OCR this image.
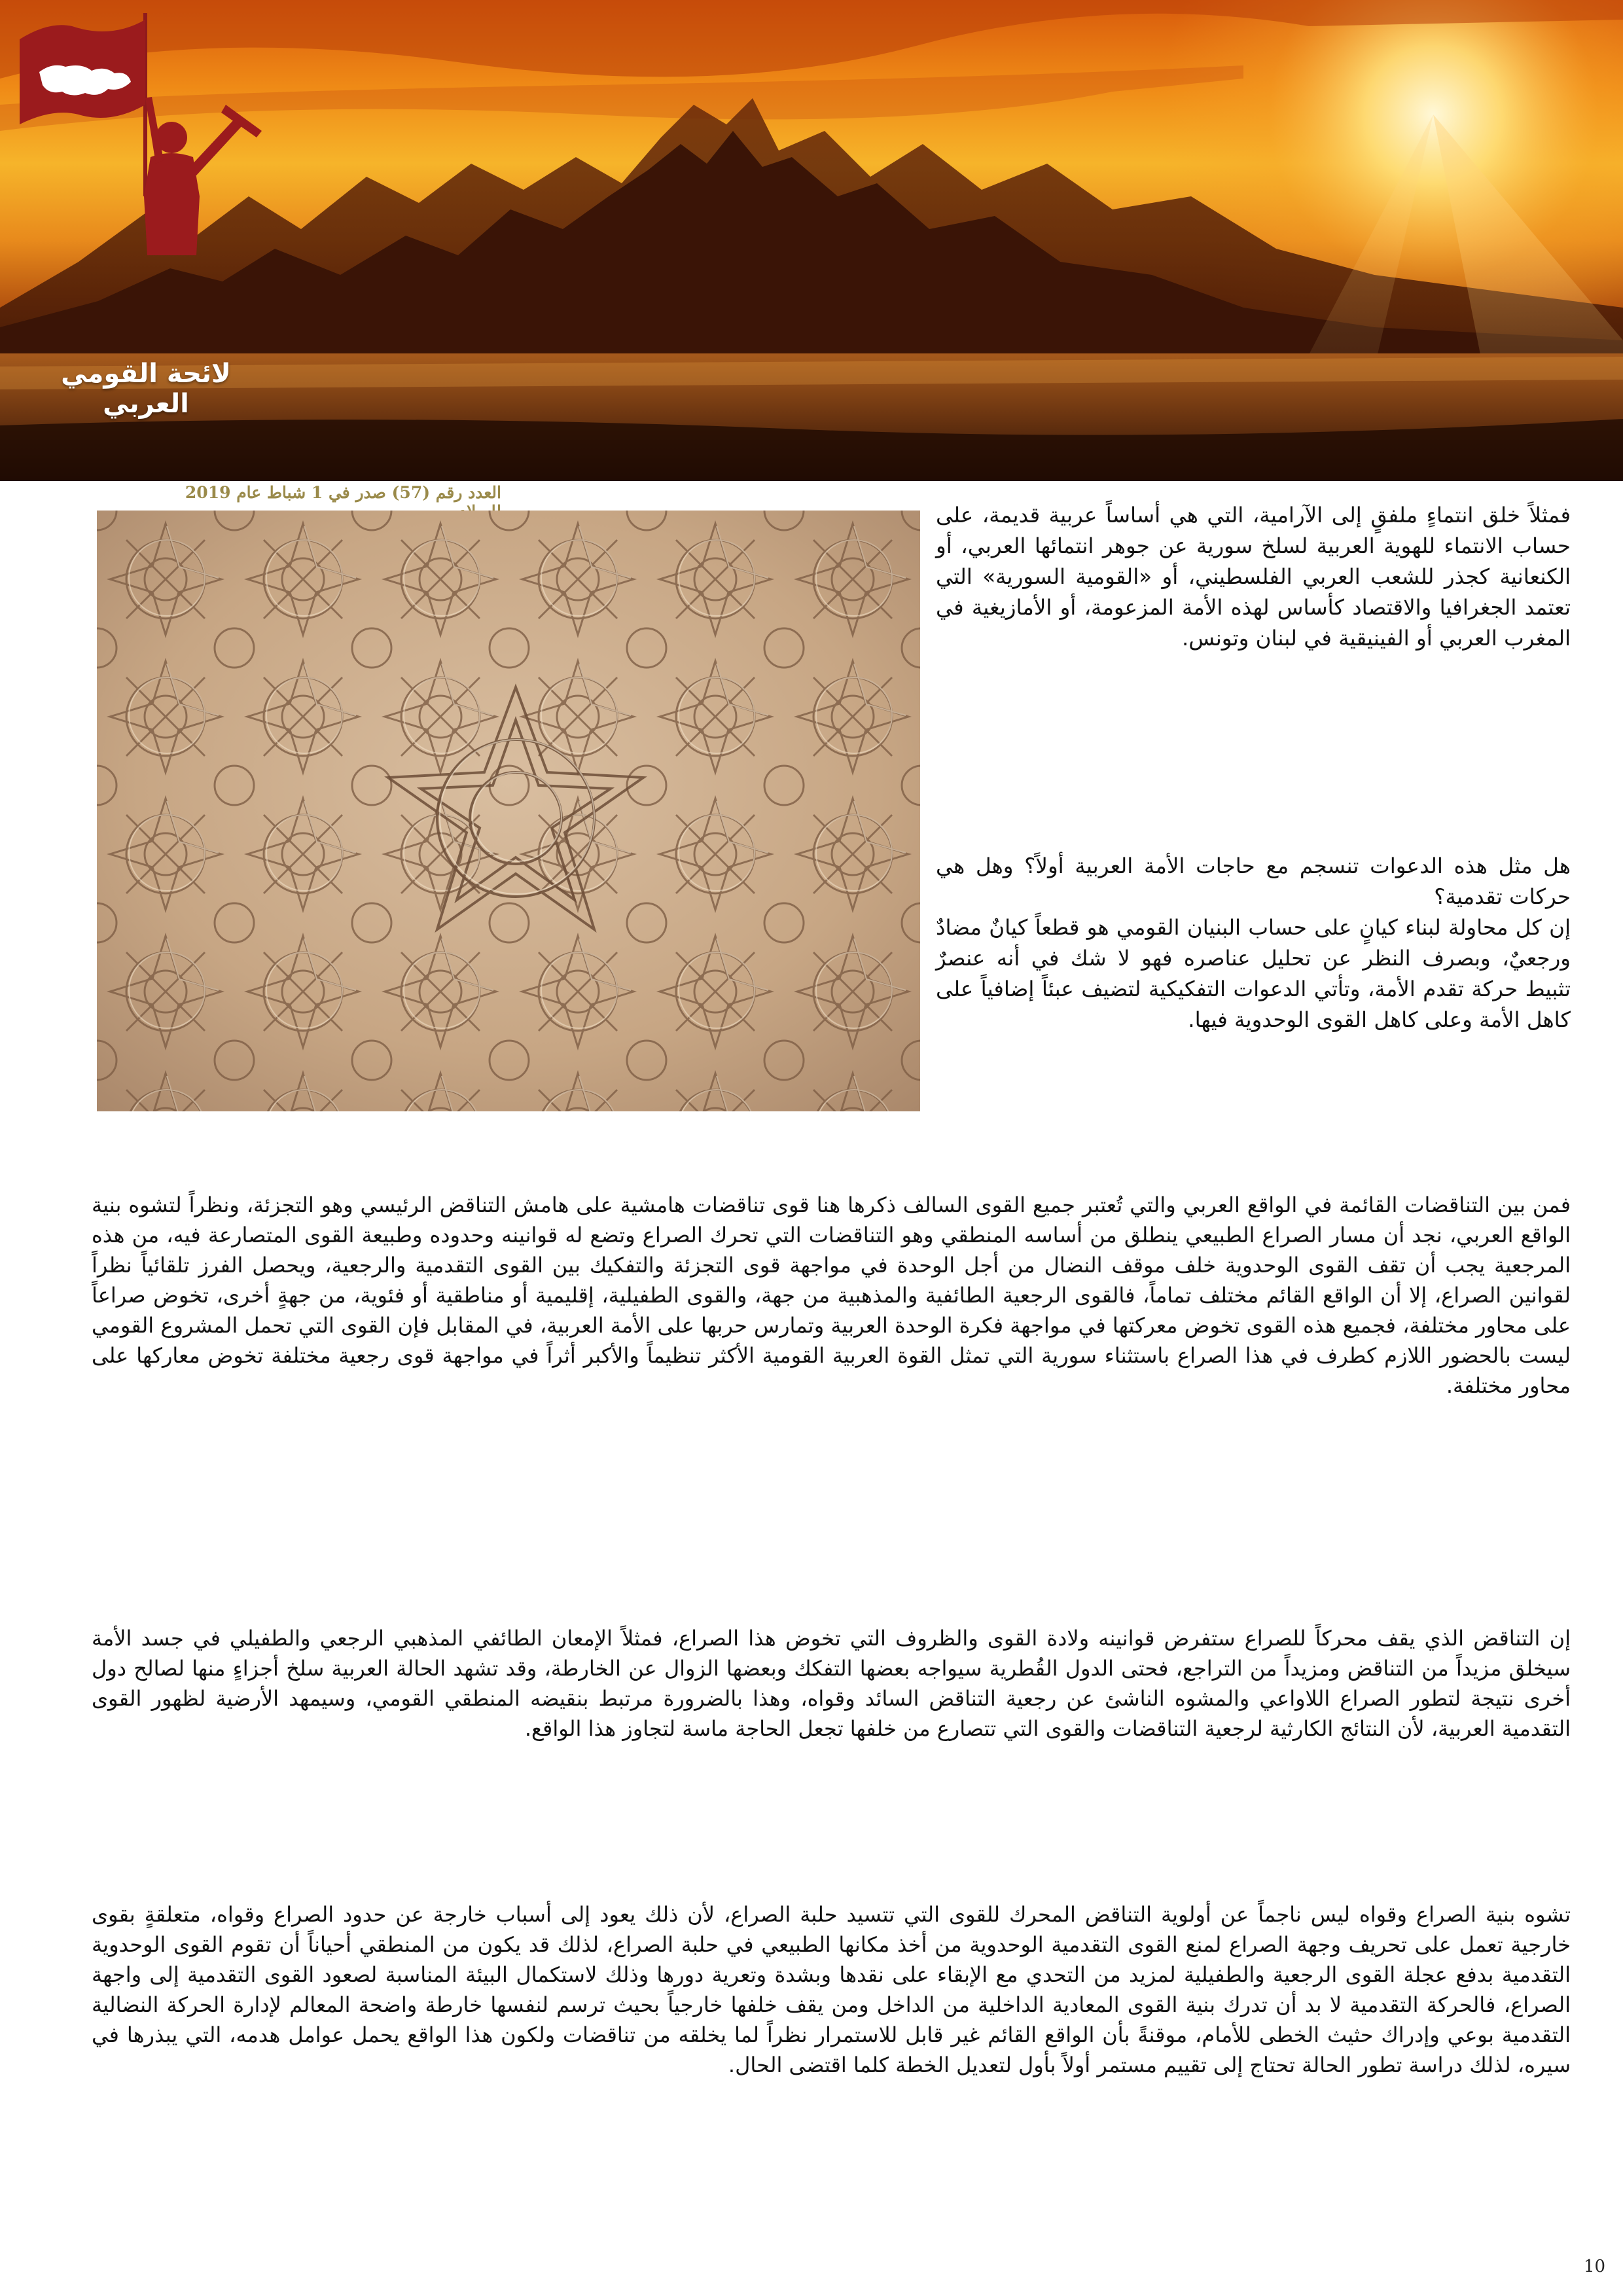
لائحة القومي العربي
العدد رقم (57) صدر في 1 شباط عام 2019

فمثلاً خلق انتماءٍ ملفقٍ إلى الآرامية، التي هي أساساً عربية قديمة، على حساب الانتماء للهوية العربية لسلخ سورية عن جوهر انتمائها العربي، أو الكنعانية كجذر للشعب العربي الفلسطيني، أو «القومية السورية» التي تعتمد الجغرافيا والاقتصاد كأساس لهذه الأمة المزعومة، أو الأمازيغية في المغرب العربي أو الفينيقية في لبنان وتونس.

هل مثل هذه الدعوات تنسجم مع حاجات الأمة العربية أولاً؟ وهل هي حركات تقدمية؟

إن كل محاولة لبناء كيانٍ على حساب البنيان القومي هو قطعاً كيانٌ مضادٌ ورجعيٌ، وبصرف النظر عن تحليل عناصره فهو لا شك في أنه عنصرٌ تثبيط حركة تقدم الأمة، وتأتي الدعوات التفكيكية لتضيف عبئاً إضافياً على كاهل الأمة وعلى كاهل القوى الوحدوية فيها.

فمن بين التناقضات القائمة في الواقع العربي والتي تُعتبر جميع القوى السالف ذكرها هنا قوى تناقضات هامشية على هامش التناقض الرئيسي وهو التجزئة، ونظراً لتشوه بنية الواقع العربي، نجد أن مسار الصراع الطبيعي ينطلق من أساسه المنطقي وهو التناقضات التي تحرك الصراع وتضع له قوانينه وحدوده وطبيعة القوى المتصارعة فيه، من هذه المرجعية يجب أن تقف القوى الوحدوية خلف موقف النضال من أجل الوحدة في مواجهة قوى التجزئة والتفكيك بين القوى التقدمية والرجعية، ويحصل الفرز تلقائياً نظراً لقوانين الصراع، إلا أن الواقع القائم مختلف تماماً، فالقوى الرجعية الطائفية والمذهبية من جهة، والقوى الطفيلية، إقليمية أو مناطقية أو فئوية، من جهةٍ أخرى، تخوض صراعاً على محاور مختلفة، فجميع هذه القوى تخوض معركتها في مواجهة فكرة الوحدة العربية وتمارس حربها على الأمة العربية، في المقابل فإن القوى التي تحمل المشروع القومي ليست بالحضور اللازم كطرف في هذا الصراع باستثناء سورية التي تمثل القوة العربية القومية الأكثر تنظيماً والأكبر أثراً في مواجهة قوى رجعية مختلفة تخوض معاركها على محاور مختلفة.

إن التناقض الذي يقف محركاً للصراع ستفرض قوانينه ولادة القوى والظروف التي تخوض هذا الصراع، فمثلاً الإمعان الطائفي المذهبي الرجعي والطفيلي في جسد الأمة سيخلق مزيداً من التناقض ومزيداً من التراجع، فحتى الدول القُطرية سيواجه بعضها التفكك وبعضها الزوال عن الخارطة، وقد تشهد الحالة العربية سلخ أجزاءٍ منها لصالح دول أخرى نتيجة لتطور الصراع اللاواعي والمشوه الناشئ عن رجعية التناقض السائد وقواه، وهذا بالضرورة مرتبط بنقيضه المنطقي القومي، وسيمهد الأرضية لظهور القوى التقدمية العربية، لأن النتائج الكارثية لرجعية التناقضات والقوى التي تتصارع من خلفها تجعل الحاجة ماسة لتجاوز هذا الواقع.

تشوه بنية الصراع وقواه ليس ناجماً عن أولوية التناقض المحرك للقوى التي تتسيد حلبة الصراع، لأن ذلك يعود إلى أسباب خارجة عن حدود الصراع وقواه، متعلقةٍ بقوى خارجية تعمل على تحريف وجهة الصراع لمنع القوى التقدمية الوحدوية من أخذ مكانها الطبيعي في حلبة الصراع، لذلك قد يكون من المنطقي أحياناً أن تقوم القوى الوحدوية التقدمية بدفع عجلة القوى الرجعية والطفيلية لمزيد من التحدي مع الإبقاء على نقدها وبشدة وتعرية دورها وذلك لاستكمال البيئة المناسبة لصعود القوى التقدمية إلى واجهة الصراع، فالحركة التقدمية لا بد أن تدرك بنية القوى المعادية الداخلية من الداخل ومن يقف خلفها خارجياً بحيث ترسم لنفسها خارطة واضحة المعالم لإدارة الحركة النضالية التقدمية بوعي وإدراك حثيث الخطى للأمام، موقنةً بأن الواقع القائم غير قابل للاستمرار نظراً لما يخلقه من تناقضات ولكون هذا الواقع يحمل عوامل هدمه، التي يبذرها في سيره، لذلك دراسة تطور الحالة تحتاج إلى تقييم مستمر أولاً بأول لتعديل الخطة كلما اقتضى الحال.

10
